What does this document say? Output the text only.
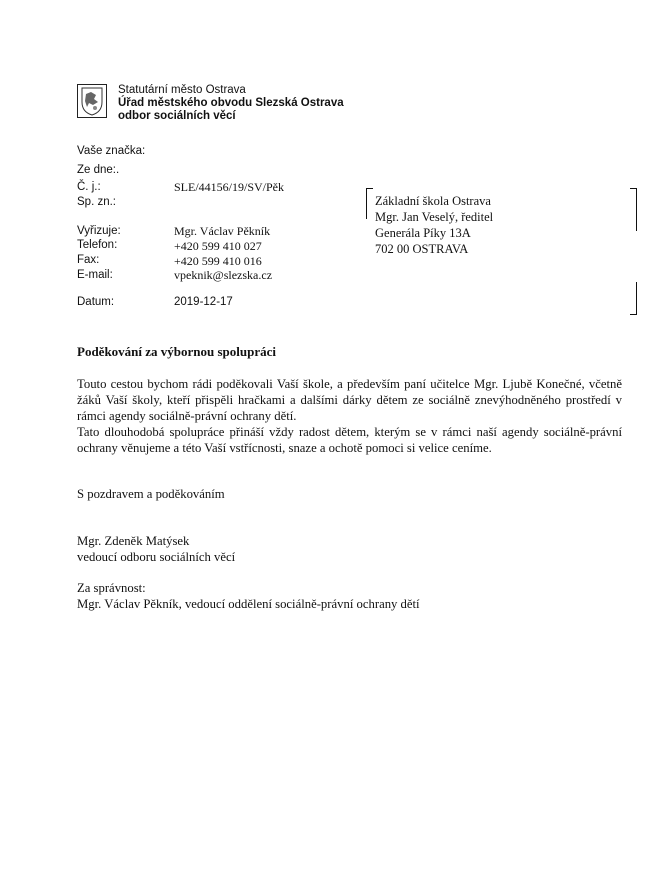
Statutární město Ostrava
Úřad městského obvodu Slezská Ostrava
odbor sociálních věcí
Vaše značka:
Ze dne:.
Č. j.:	SLE/44156/19/SV/Pěk
Sp. zn.:
Vyřizuje:	Mgr. Václav Pěkník
Telefon:	+420 599 410 027
Fax:	+420 599 410 016
E-mail:	vpeknik@slezska.cz
Datum:	2019-12-17
Základní škola Ostrava
Mgr. Jan Veselý, ředitel
Generála Píky 13A
702 00 OSTRAVA
Poděkování za výbornou spolupráci

Touto cestou bychom rádi poděkovali Vaší škole, a především paní učitelce Mgr. Ljubě Konečné, včetně žáků Vaší školy, kteří přispěli hračkami a dalšími dárky dětem ze sociálně znevýhodněného prostředí v rámci agendy sociálně-právní ochrany dětí.

Tato dlouhodobá spolupráce přináší vždy radost dětem, kterým se v rámci naší agendy sociálně-právní ochrany věnujeme a této Vaší vstřícnosti, snaze a ochotě pomoci si velice ceníme.

S pozdravem a poděkováním
Mgr. Zdeněk Matýsek
vedoucí odboru sociálních věcí
Za správnost:
Mgr. Václav Pěkník, vedoucí oddělení sociálně-právní ochrany dětí
